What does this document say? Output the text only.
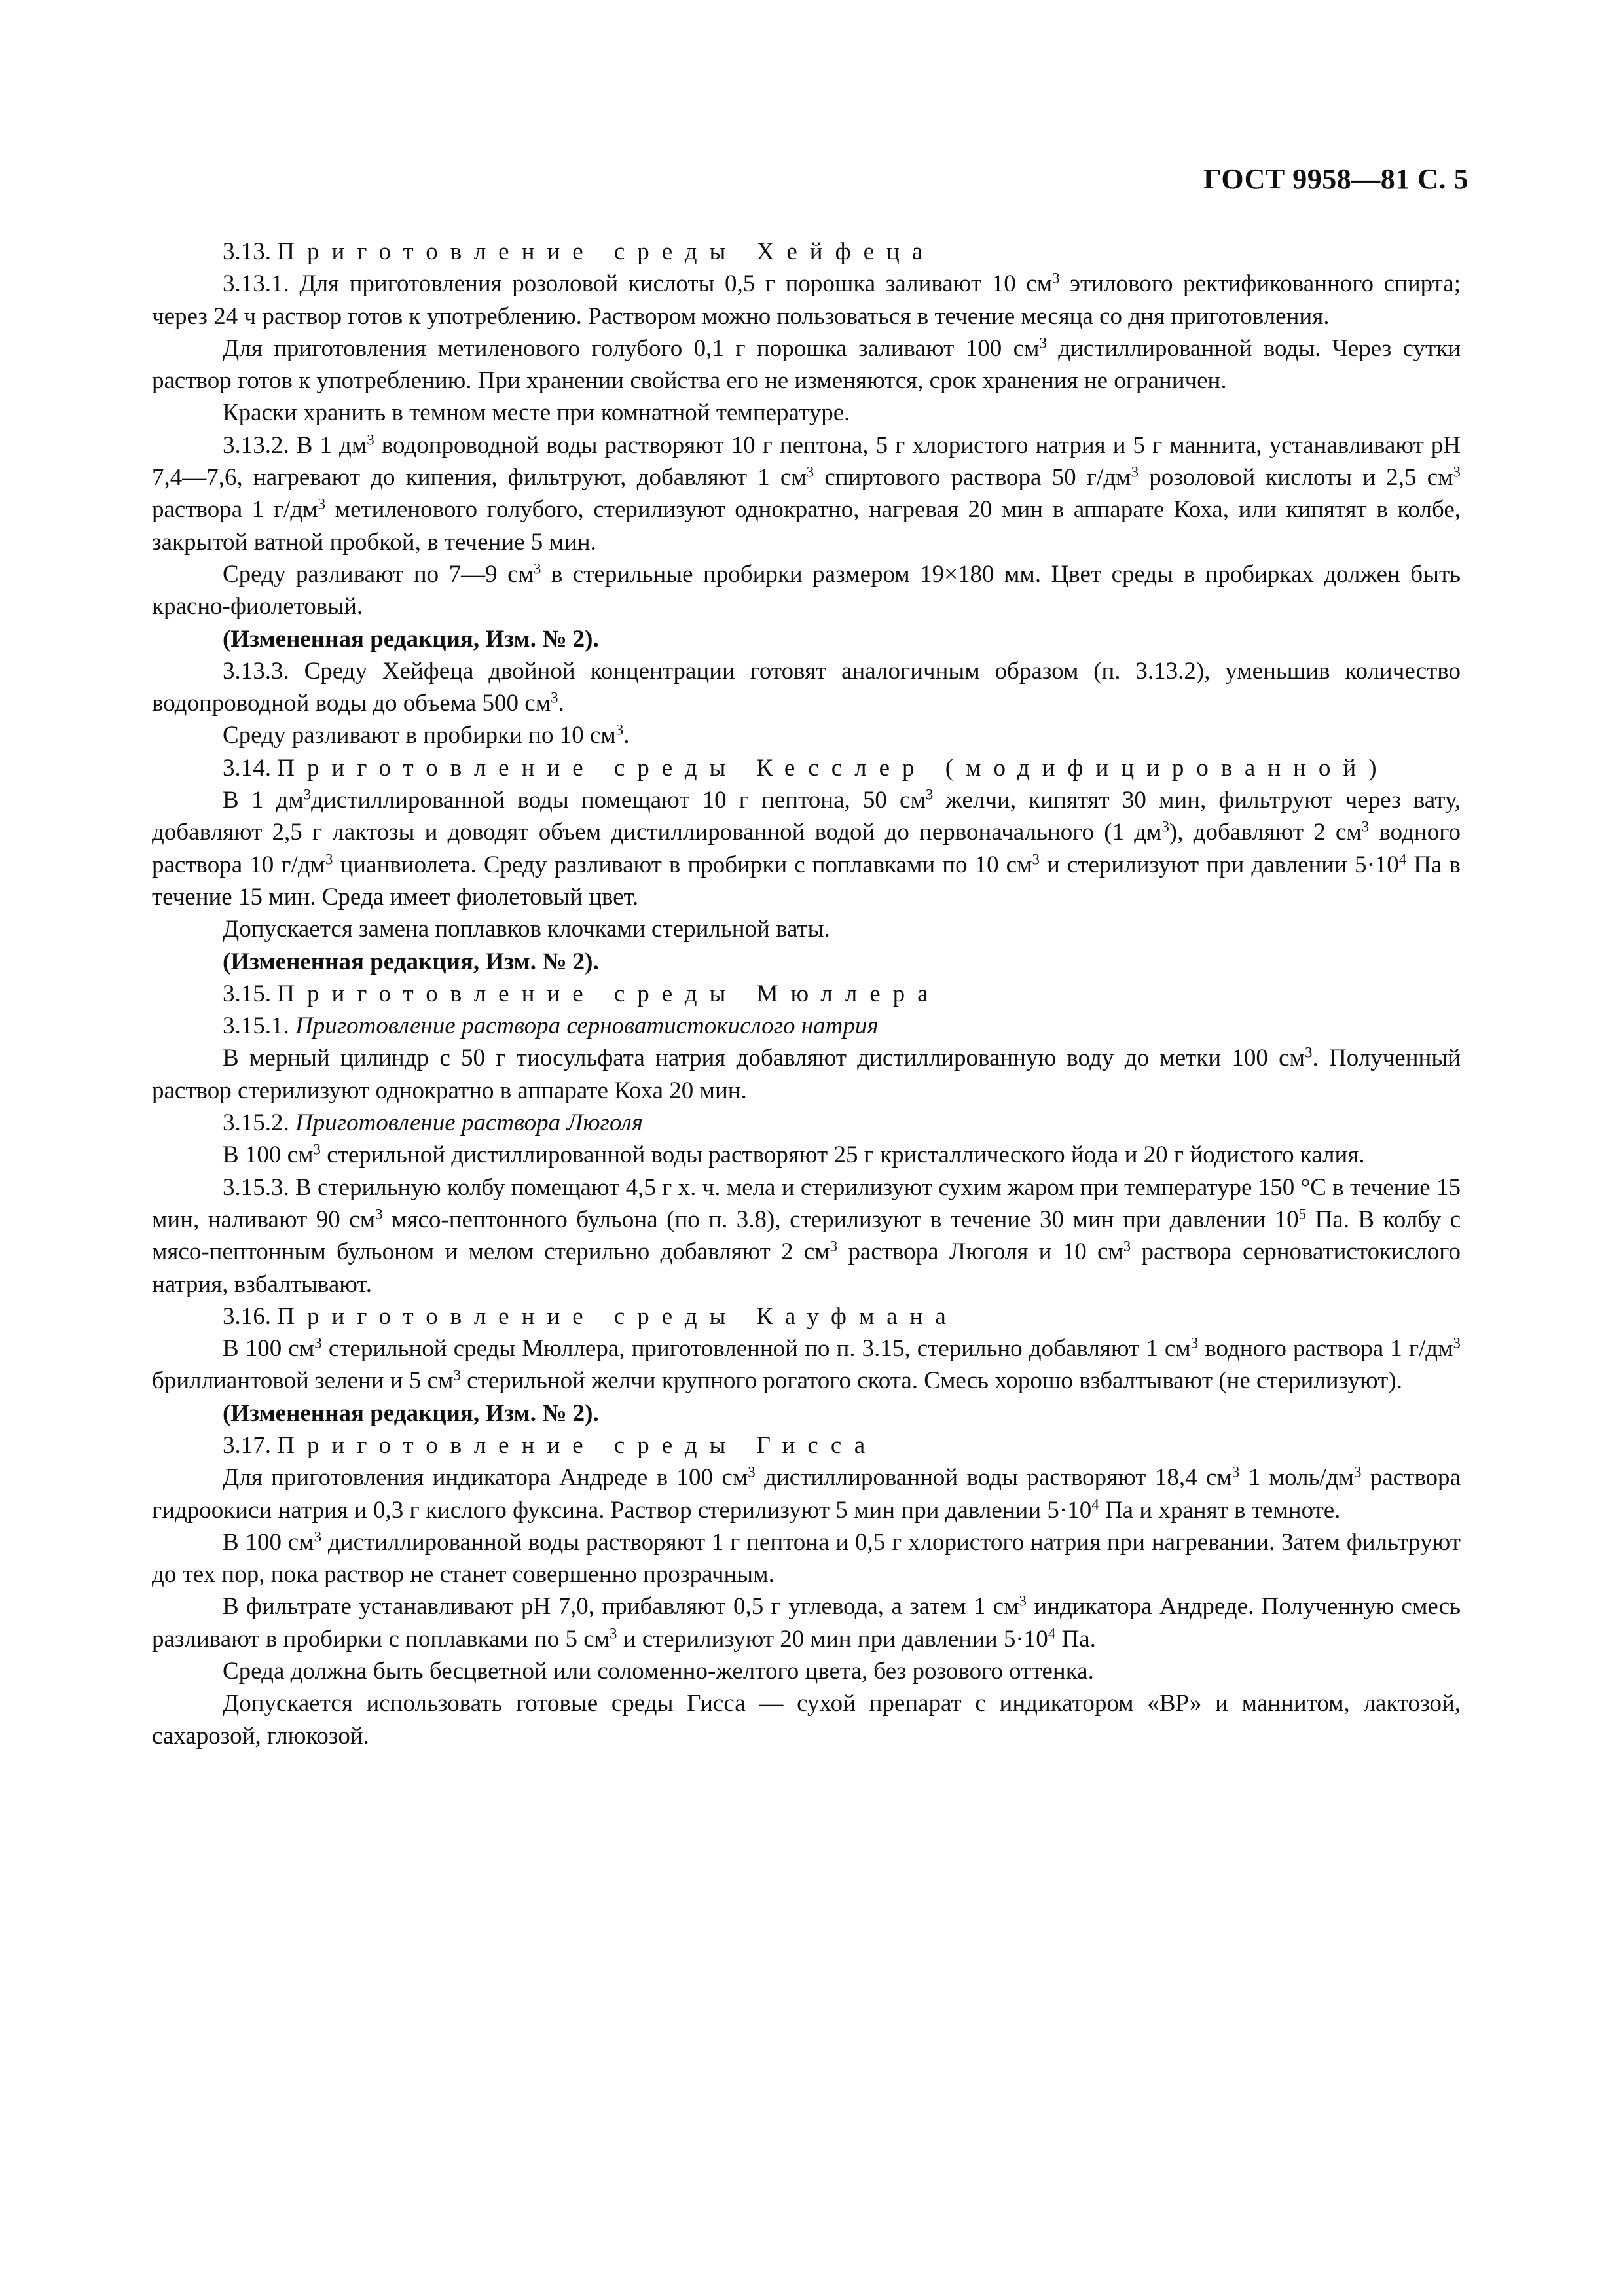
ГОСТ 9958—81 С. 5

3.13. Приготовление среды Хейфеца

3.13.1. Для приготовления розоловой кислоты 0,5 г порошка заливают 10 $см^3$ этилового ректификованного спирта; через 24 ч раствор готов к употреблению. Раствором можно пользоваться в течение месяца со дня приготовления.

Для приготовления метиленового голубого 0,1 г порошка заливают 100 $см^3$ дистиллированной воды. Через сутки раствор готов к употреблению. При хранении свойства его не изменяются, срок хранения не ограничен.

Краски хранить в темном месте при комнатной температуре.

3.13.2. В 1 $дм^3$ водопроводной воды растворяют 10 г пептона, 5 г хлористого натрия и 5 г маннита, устанавливают рН 7,4—7,6, нагревают до кипения, фильтруют, добавляют 1 $см^3$ спиртового раствора 50 $г/дм^3$ розоловой кислоты и 2,5 $см^3$ раствора 1 $г/дм^3$ метиленового голубого, стерилизуют однократно, нагревая 20 мин в аппарате Коха, или кипятят в колбе, закрытой ватной пробкой, в течение 5 мин.

Среду разливают по 7—9 $см^3$ в стерильные пробирки размером 19×180 мм. Цвет среды в пробирках должен быть красно-фиолетовый.

(Измененная редакция, Изм. № 2).

3.13.3. Среду Хейфеца двойной концентрации готовят аналогичным образом (п. 3.13.2), уменьшив количество водопроводной воды до объема 500 $см^3$.

Среду разливают в пробирки по 10 $см^3$.

3.14. Приготовление среды Кесслер (модифицированной)

В 1 $дм^3дистиллированной$ воды помещают 10 г пептона, 50 $см^3$ желчи, кипятят 30 мин, фильтруют через вату, добавляют 2,5 г лактозы и доводят объем дистиллированной водой до первоначального (1 $дм^3$), добавляют 2 $см^3$ водного раствора 10 $г/дм^3$ цианвиолета. Среду разливают в пробирки с поплавками по 10 $см^3$ и стерилизуют при давлении $5\cdot 10^4$ Па в течение 15 мин. Среда имеет фиолетовый цвет.

Допускается замена поплавков клочками стерильной ваты.

(Измененная редакция, Изм. № 2).

3.15. Приготовление среды Мюллера

3.15.1. Приготовление раствора серноватистокислого натрия

В мерный цилиндр с 50 г тиосульфата натрия добавляют дистиллированную воду до метки 100 $см^3$. Полученный раствор стерилизуют однократно в аппарате Коха 20 мин.

3.15.2. Приготовление раствора Люголя

В 100 $см^3$ стерильной дистиллированной воды растворяют 25 г кристаллического йода и 20 г йодистого калия.

3.15.3. В стерильную колбу помещают 4,5 г х. ч. мела и стерилизуют сухим жаром при температуре 150 °С в течение 15 мин, наливают 90 $см^3$ мясо-пептонного бульона (по п. 3.8), стерилизуют в течение 30 мин при давлении $10^5$ Па. В колбу с мясо-пептонным бульоном и мелом стерильно добавляют 2 $см^3$ раствора Люголя и 10 $см^3$ раствора серноватистокислого натрия, взбалтывают.

3.16. Приготовление среды Кауфмана

В 100 $см^3$ стерильной среды Мюллера, приготовленной по п. 3.15, стерильно добавляют 1 $см^3$ водного раствора 1 $г/дм^3$ бриллиантовой зелени и 5 $см^3$ стерильной желчи крупного рогатого скота. Смесь хорошо взбалтывают (не стерилизуют).

(Измененная редакция, Изм. № 2).

3.17. Приготовление среды Гисса

Для приготовления индикатора Андреде в 100 $см^3$ дистиллированной воды растворяют 18,4 $см^3$ 1 моль/$дм^3$ раствора гидроокиси натрия и 0,3 г кислого фуксина. Раствор стерилизуют 5 мин при давлении $5\cdot 10^4$ Па и хранят в темноте.

В 100 $см^3$ дистиллированной воды растворяют 1 г пептона и 0,5 г хлористого натрия при нагревании. Затем фильтруют до тех пор, пока раствор не станет совершенно прозрачным.

В фильтрате устанавливают рН 7,0, прибавляют 0,5 г углевода, а затем 1 $см^3$ индикатора Андреде. Полученную смесь разливают в пробирки с поплавками по 5 $см^3$ и стерилизуют 20 мин при давлении $5\cdot 10^4$ Па.

Среда должна быть бесцветной или соломенно-желтого цвета, без розового оттенка.

Допускается использовать готовые среды Гисса — сухой препарат с индикатором «ВР» и маннитом, лактозой, сахарозой, глюкозой.
